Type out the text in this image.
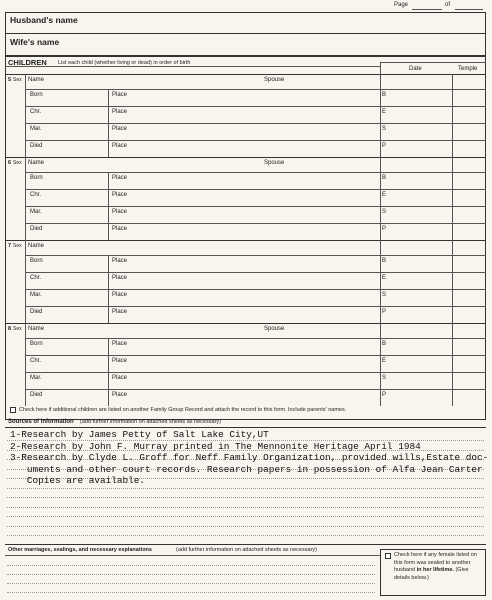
Page	of
Husband's name
Wife's name
CHILDREN List each child (whether living or dead) in order of birth
Date	Temple
5 Sex Name	Spouse
Born	Place	B
Chr.	Place	E
Mar.	Place	S
Died	Place	P
6 Sex Name	Spouse
Born	Place	B
Chr.	Place	E
Mar.	Place	S
Died	Place	P
7 Sex Name
Born	Place	B
Chr.	Place	E
Mar.	Place	S
Died	Place	P
8 Sex Name	Spouse
Born	Place	B
Chr.	Place	E
Mar.	Place	S
Died	Place	P
Check here if additional children are listed on another Family Group Record and attach the record to this form. Include parents' names.
Sources of information (add further information on attached sheets as necessary)
1-Research by James Petty of Salt Lake City,UT
2-Research by John F. Murray printed in The Mennonite Heritage April 1984
3-Research by Clyde L. Groff for Neff Family Organization, provided wills,Estate doc-
uments and other court records. Research papers in possession of Alfa Jean Carter
Copies are available.
Other marriages, sealings, and necessary explanations	(add further information on attached sheets as necessary)
Check here if any female listed on this form was sealed to another husband in her lifetime. (Give details below.)
